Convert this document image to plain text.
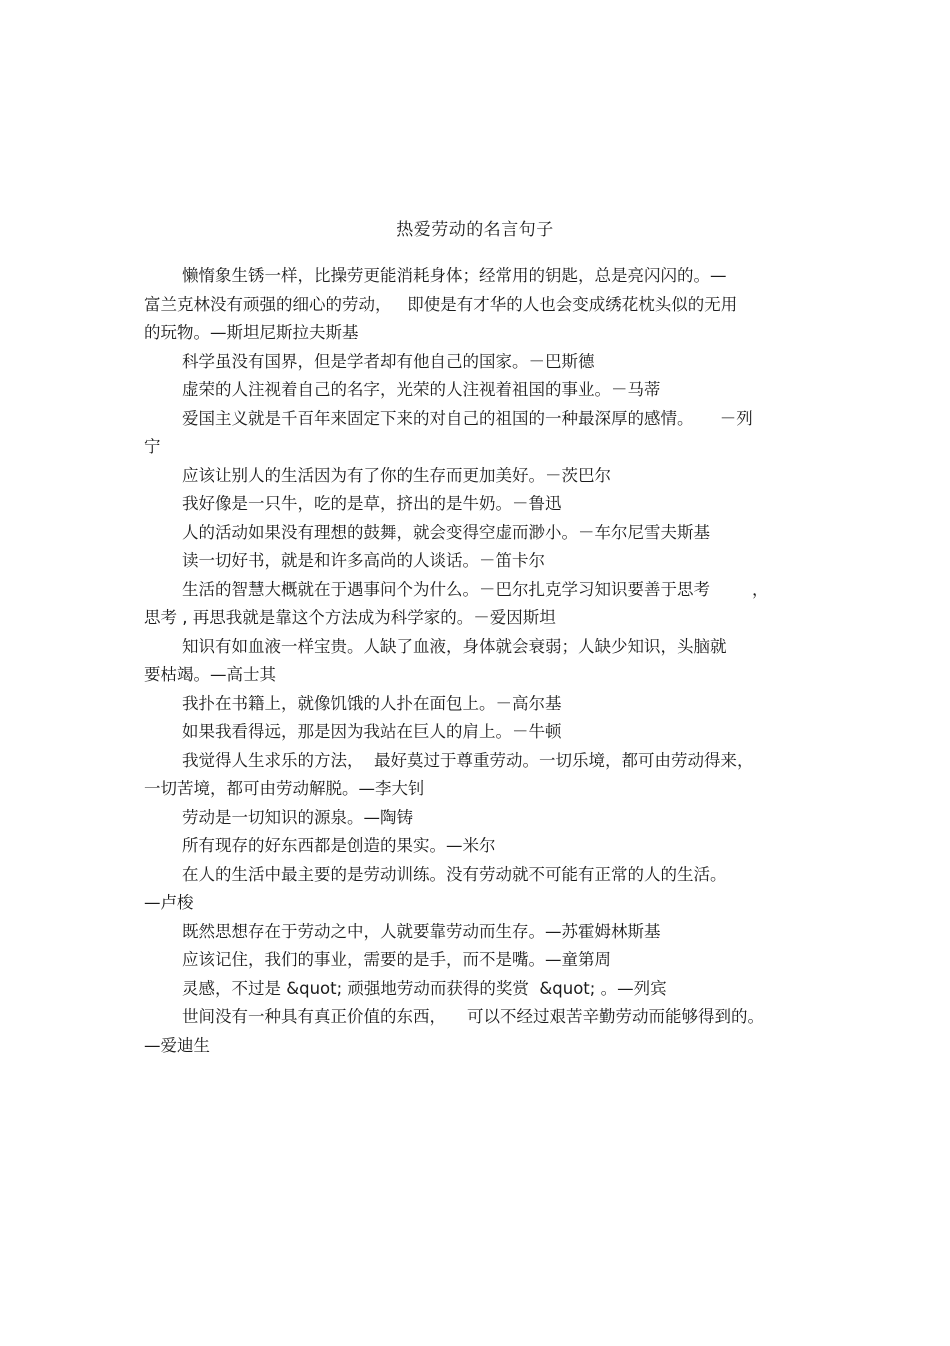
热爱劳动的名言句子
懒惰象生锈一样，比操劳更能消耗身体；经常用的钥匙，总是亮闪闪的。—
富兰克林没有顽强的细心的劳动，   即使是有才华的人也会变成绣花枕头似的无用
的玩物。—斯坦尼斯拉夫斯基
科学虽没有国界，但是学者却有他自己的国家。－巴斯德
虚荣的人注视着自己的名字，光荣的人注视着祖国的事业。－马蒂
爱国主义就是千百年来固定下来的对自己的祖国的一种最深厚的感情。     －列
宁
应该让别人的生活因为有了你的生存而更加美好。－茨巴尔
我好像是一只牛，吃的是草，挤出的是牛奶。－鲁迅
人的活动如果没有理想的鼓舞，就会变得空虚而渺小。－车尔尼雪夫斯基
读一切好书，就是和许多高尚的人谈话。－笛卡尔
生活的智慧大概就在于遇事问个为什么。－巴尔扎克学习知识要善于思考        ，
思考 , 再思我就是靠这个方法成为科学家的。－爱因斯坦
知识有如血液一样宝贵。人缺了血液，身体就会衰弱；人缺少知识，头脑就
要枯竭。—高士其
我扑在书籍上，就像饥饿的人扑在面包上。－高尔基
如果我看得远，那是因为我站在巨人的肩上。－牛顿
我觉得人生求乐的方法，  最好莫过于尊重劳动。一切乐境，都可由劳动得来，
一切苦境，都可由劳动解脱。—李大钊
劳动是一切知识的源泉。—陶铸
所有现存的好东西都是创造的果实。—米尔
在人的生活中最主要的是劳动训练。没有劳动就不可能有正常的人的生活。
—卢梭
既然思想存在于劳动之中，人就要靠劳动而生存。—苏霍姆林斯基
应该记住，我们的事业，需要的是手，而不是嘴。—童第周
灵感，不过是 &quot; 顽强地劳动而获得的奖赏  &quot; 。—列宾
世间没有一种具有真正价值的东西，    可以不经过艰苦辛勤劳动而能够得到的。
—爱迪生
